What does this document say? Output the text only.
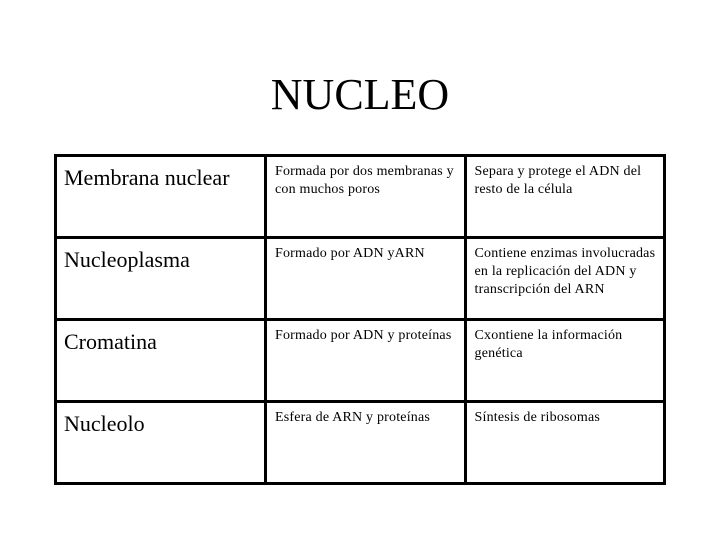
NUCLEO
Membrana nuclear	Formada por dos membranas y con muchos poros	Separa y protege el ADN del resto de la célula
Nucleoplasma	Formado por ADN yARN	Contiene enzimas involucradas en la replicación del ADN y transcripción del ARN
Cromatina	Formado por ADN y proteínas	Cxontiene la información genética
Nucleolo	Esfera de ARN y proteínas	Síntesis de ribosomas
